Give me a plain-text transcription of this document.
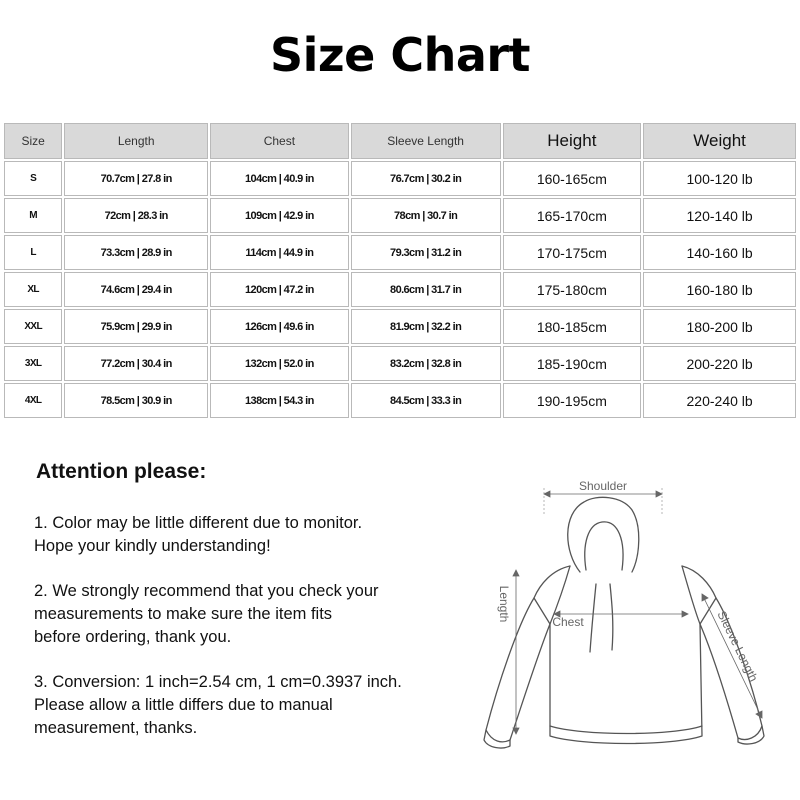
Size Chart
Size	Length	Chest	Sleeve Length	Height	Weight
S	70.7cm | 27.8 in	104cm | 40.9 in	76.7cm | 30.2 in	160-165cm	100-120 lb
M	72cm | 28.3 in	109cm | 42.9 in	78cm | 30.7 in	165-170cm	120-140 lb
L	73.3cm | 28.9 in	114cm | 44.9 in	79.3cm | 31.2 in	170-175cm	140-160 lb
XL	74.6cm | 29.4 in	120cm | 47.2 in	80.6cm | 31.7 in	175-180cm	160-180 lb
XXL	75.9cm | 29.9 in	126cm | 49.6 in	81.9cm | 32.2 in	180-185cm	180-200 lb
3XL	77.2cm | 30.4 in	132cm | 52.0 in	83.2cm | 32.8 in	185-190cm	200-220 lb
4XL	78.5cm | 30.9 in	138cm | 54.3 in	84.5cm | 33.3 in	190-195cm	220-240 lb
Attention please:
1. Color may be little different due to monitor.
Hope your kindly understanding!
2. We strongly recommend that you check your
measurements to make sure the item fits
before ordering, thank you.
3. Conversion: 1 inch=2.54 cm, 1 cm=0.3937 inch.
Please allow a little differs due to manual
measurement, thanks.
Shoulder
Chest
Length
Sleeve Length
